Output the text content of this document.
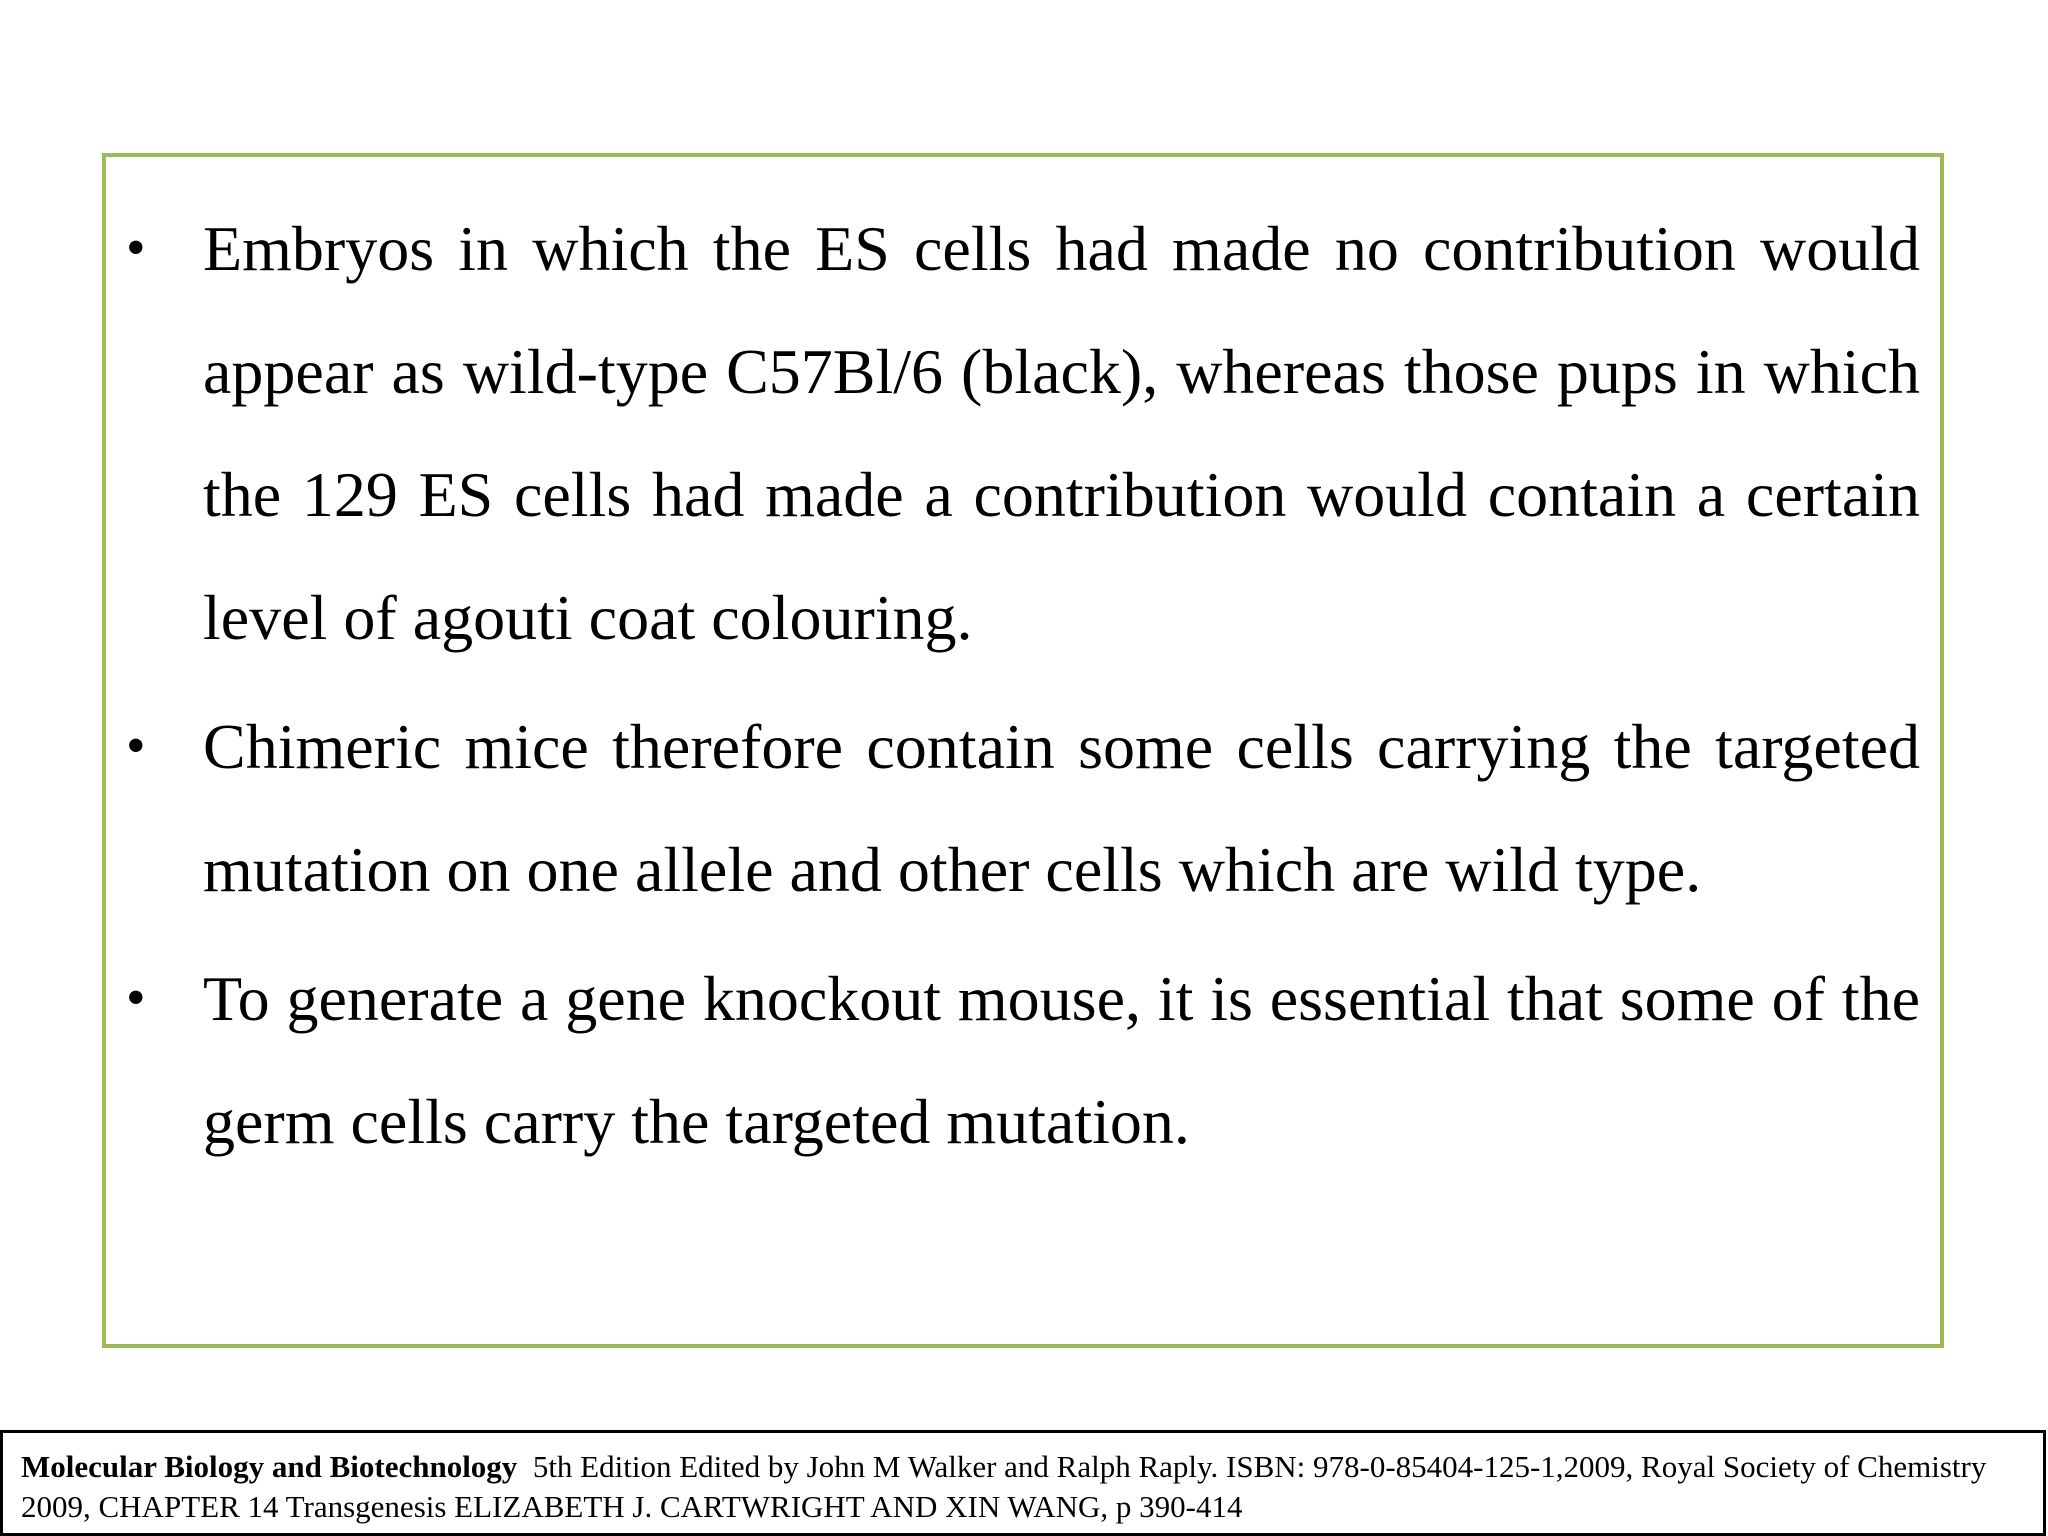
• Embryos in which the ES cells had made no contribution would appear as wild-type C57Bl/6 (black), whereas those pups in which the 129 ES cells had made a contribution would contain a certain level of agouti coat colouring.
• Chimeric mice therefore contain some cells carrying the targeted mutation on one allele and other cells which are wild type.
• To generate a gene knockout mouse, it is essential that some of the germ cells carry the targeted mutation.
Molecular Biology and Biotechnology 5th Edition Edited by John M Walker and Ralph Raply. ISBN: 978-0-85404-125-1,2009, Royal Society of Chemistry 2009, CHAPTER 14 Transgenesis ELIZABETH J. CARTWRIGHT AND XIN WANG, p 390-414
